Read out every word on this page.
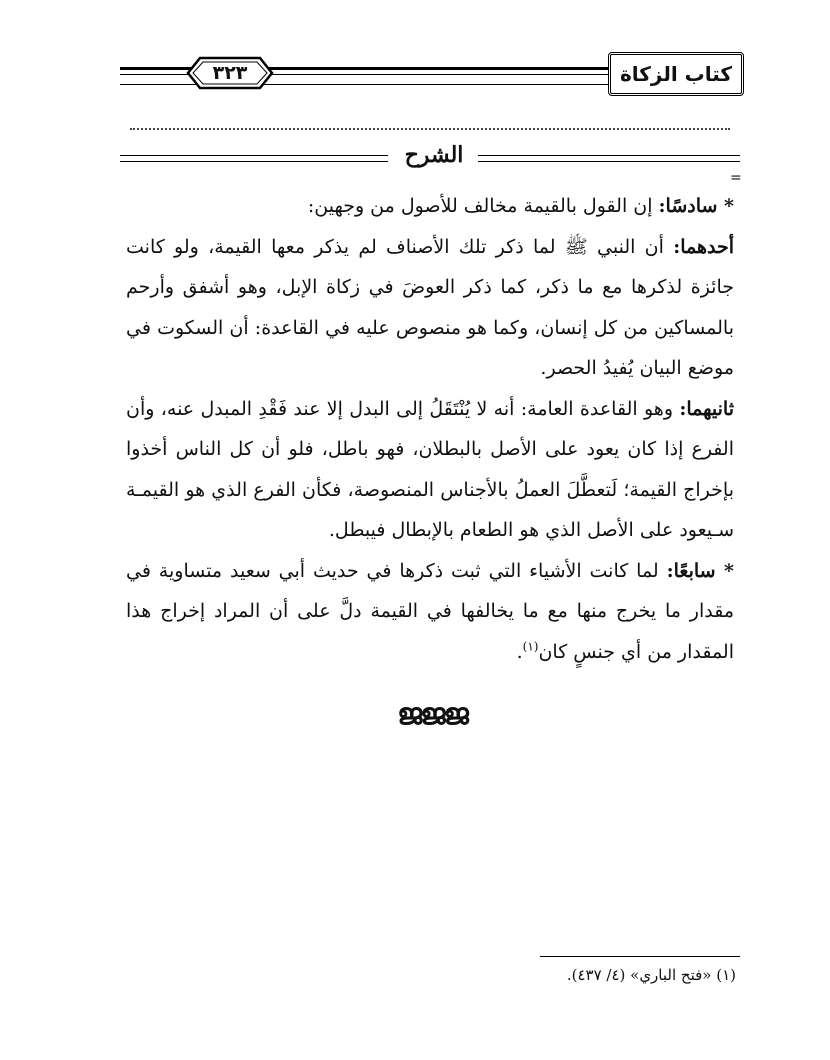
كتاب الزكاة
٣٢٣
الشرح
=

* سادسًا: إن القول بالقيمة مخالف للأصول من وجهين:

أحدهما: أن النبي ﷺ لما ذكر تلك الأصناف لم يذكر معها القيمة، ولو كانت جائزة لذكرها مع ما ذكر، كما ذكر العوضَ في زكاة الإبل، وهو أشفق وأرحم بالمساكين من كل إنسان، وكما هو منصوص عليه في القاعدة: أن السكوت في موضع البيان يُفيدُ الحصر.

ثانيهما: وهو القاعدة العامة: أنه لا يُنْتَقَلُ إلى البدل إلا عند فَقْدِ المبدل عنه، وأن الفرع إذا كان يعود على الأصل بالبطلان، فهو باطل، فلو أن كل الناس أخذوا بإخراج القيمة؛ لَتعطَّلَ العملُ بالأجناس المنصوصة، فكأن الفرع الذي هو القيمـة سـيعود على الأصل الذي هو الطعام بالإبطال فيبطل.

* سابعًا: لما كانت الأشياء التي ثبت ذكرها في حديث أبي سعيد متساوية في مقدار ما يخرج منها مع ما يخالفها في القيمة دلَّ على أن المراد إخراج هذا المقدار من أي جنسٍ كان$^{(١)}$.

ജജജ
(١) «فتح الباري» (٤/ ٤٣٧).
